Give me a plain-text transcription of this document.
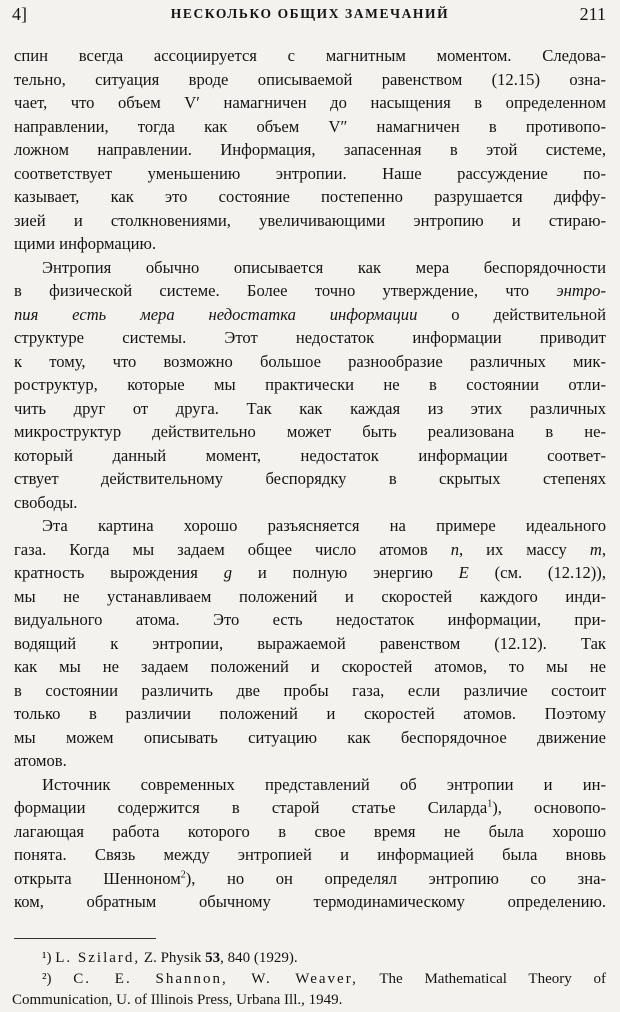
4]	НЕСКОЛЬКО ОБЩИХ ЗАМЕЧАНИЙ	211
спин всегда ассоциируется с магнитным моментом. Следова-
тельно, ситуация вроде описываемой равенством (12.15) озна-
чает, что объем V′ намагничен до насыщения в определенном
направлении, тогда как объем V″ намагничен в противопо-
ложном направлении. Информация, запасенная в этой системе,
соответствует уменьшению энтропии. Наше рассуждение по-
казывает, как это состояние постепенно разрушается диффу-
зией и столкновениями, увеличивающими энтропию и стираю-
щими информацию.
Энтропия обычно описывается как мера беспорядочности
в физической системе. Более точно утверждение, что энтро-
пия есть мера недостатка информации о действительной
структуре системы. Этот недостаток информации приводит
к тому, что возможно большое разнообразие различных мик-
роструктур, которые мы практически не в состоянии отли-
чить друг от друга. Так как каждая из этих различных
микроструктур действительно может быть реализована в не-
который данный момент, недостаток информации соответ-
ствует действительному беспорядку в скрытых степенях
свободы.
Эта картина хорошо разъясняется на примере идеального
газа. Когда мы задаем общее число атомов n, их массу m,
кратность вырождения g и полную энергию E (см. (12.12)),
мы не устанавливаем положений и скоростей каждого инди-
видуального атома. Это есть недостаток информации, при-
водящий к энтропии, выражаемой равенством (12.12). Так
как мы не задаем положений и скоростей атомов, то мы не
в состоянии различить две пробы газа, если различие состоит
только в различии положений и скоростей атомов. Поэтому
мы можем описывать ситуацию как беспорядочное движение
атомов.
Источник современных представлений об энтропии и ин-
формации содержится в старой статье Силарда$^1$), основопо-
лагающая работа которого в свое время не была хорошо
понята. Связь между энтропией и информацией была вновь
открыта Шенноном$^2$), но он определял энтропию со зна-
ком, обратным обычному термодинамическому определению.
¹) L. Szilard, Z. Physik 53, 840 (1929).
²) C. E. Shannon, W. Weaver, The Mathematical Theory of
Communication, U. of Illinois Press, Urbana Ill., 1949.
